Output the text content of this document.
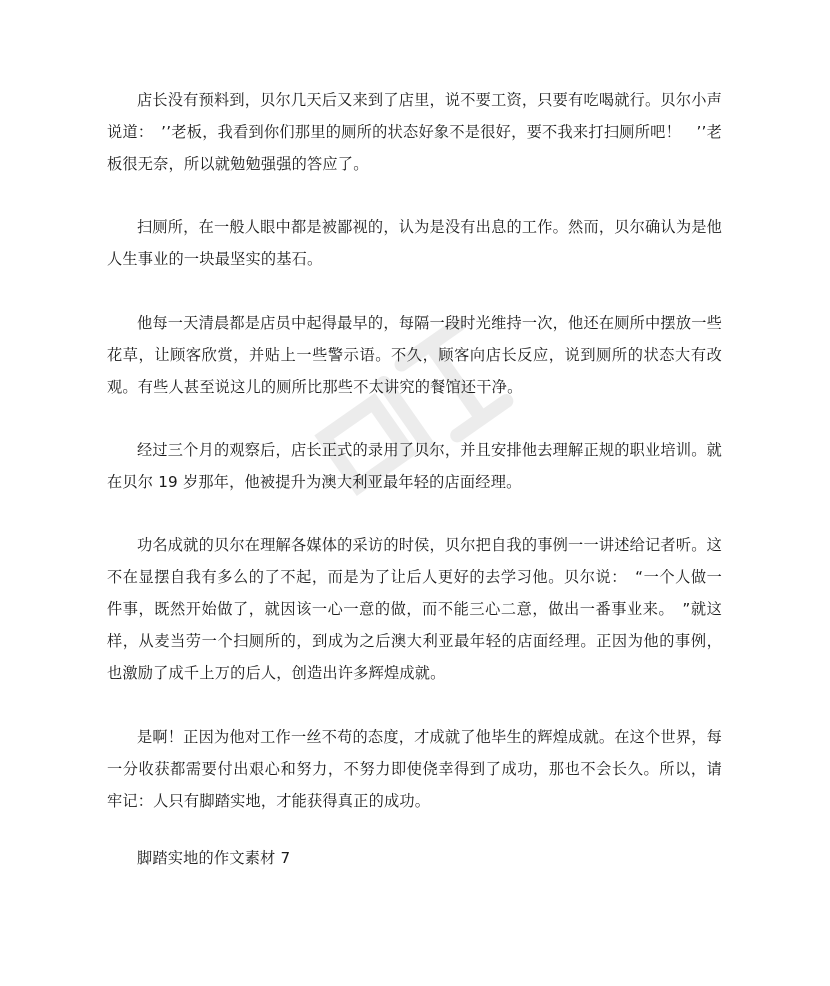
店长没有预料到，贝尔几天后又来到了店里，说不要工资，只要有吃喝就行。贝尔小声说道：　’’老板，我看到你们那里的厕所的状态好象不是很好，要不我来打扫厕所吧！　’’老板很无奈，所以就勉勉强强的答应了。

扫厕所，在一般人眼中都是被鄙视的，认为是没有出息的工作。然而，贝尔确认为是他人生事业的一块最坚实的基石。

他每一天清晨都是店员中起得最早的，每隔一段时光维持一次，他还在厕所中摆放一些花草，让顾客欣赏，并贴上一些警示语。不久，顾客向店长反应，说到厕所的状态大有改观。有些人甚至说这儿的厕所比那些不太讲究的餐馆还干净。

经过三个月的观察后，店长正式的录用了贝尔，并且安排他去理解正规的职业培训。就在贝尔 19 岁那年，他被提升为澳大利亚最年轻的店面经理。

功名成就的贝尔在理解各媒体的采访的时侯，贝尔把自我的事例一一讲述给记者听。这不在显摆自我有多么的了不起，而是为了让后人更好的去学习他。贝尔说：　“一个人做一件事，既然开始做了，就因该一心一意的做，而不能三心二意，做出一番事业来。　”就这样，从麦当劳一个扫厕所的，到成为之后澳大利亚最年轻的店面经理。正因为他的事例，也激励了成千上万的后人，创造出许多辉煌成就。

是啊！正因为他对工作一丝不苟的态度，才成就了他毕生的辉煌成就。在这个世界，每一分收获都需要付出艰心和努力，不努力即使侥幸得到了成功，那也不会长久。所以，请牢记：人只有脚踏实地，才能获得真正的成功。

脚踏实地的作文素材 7
